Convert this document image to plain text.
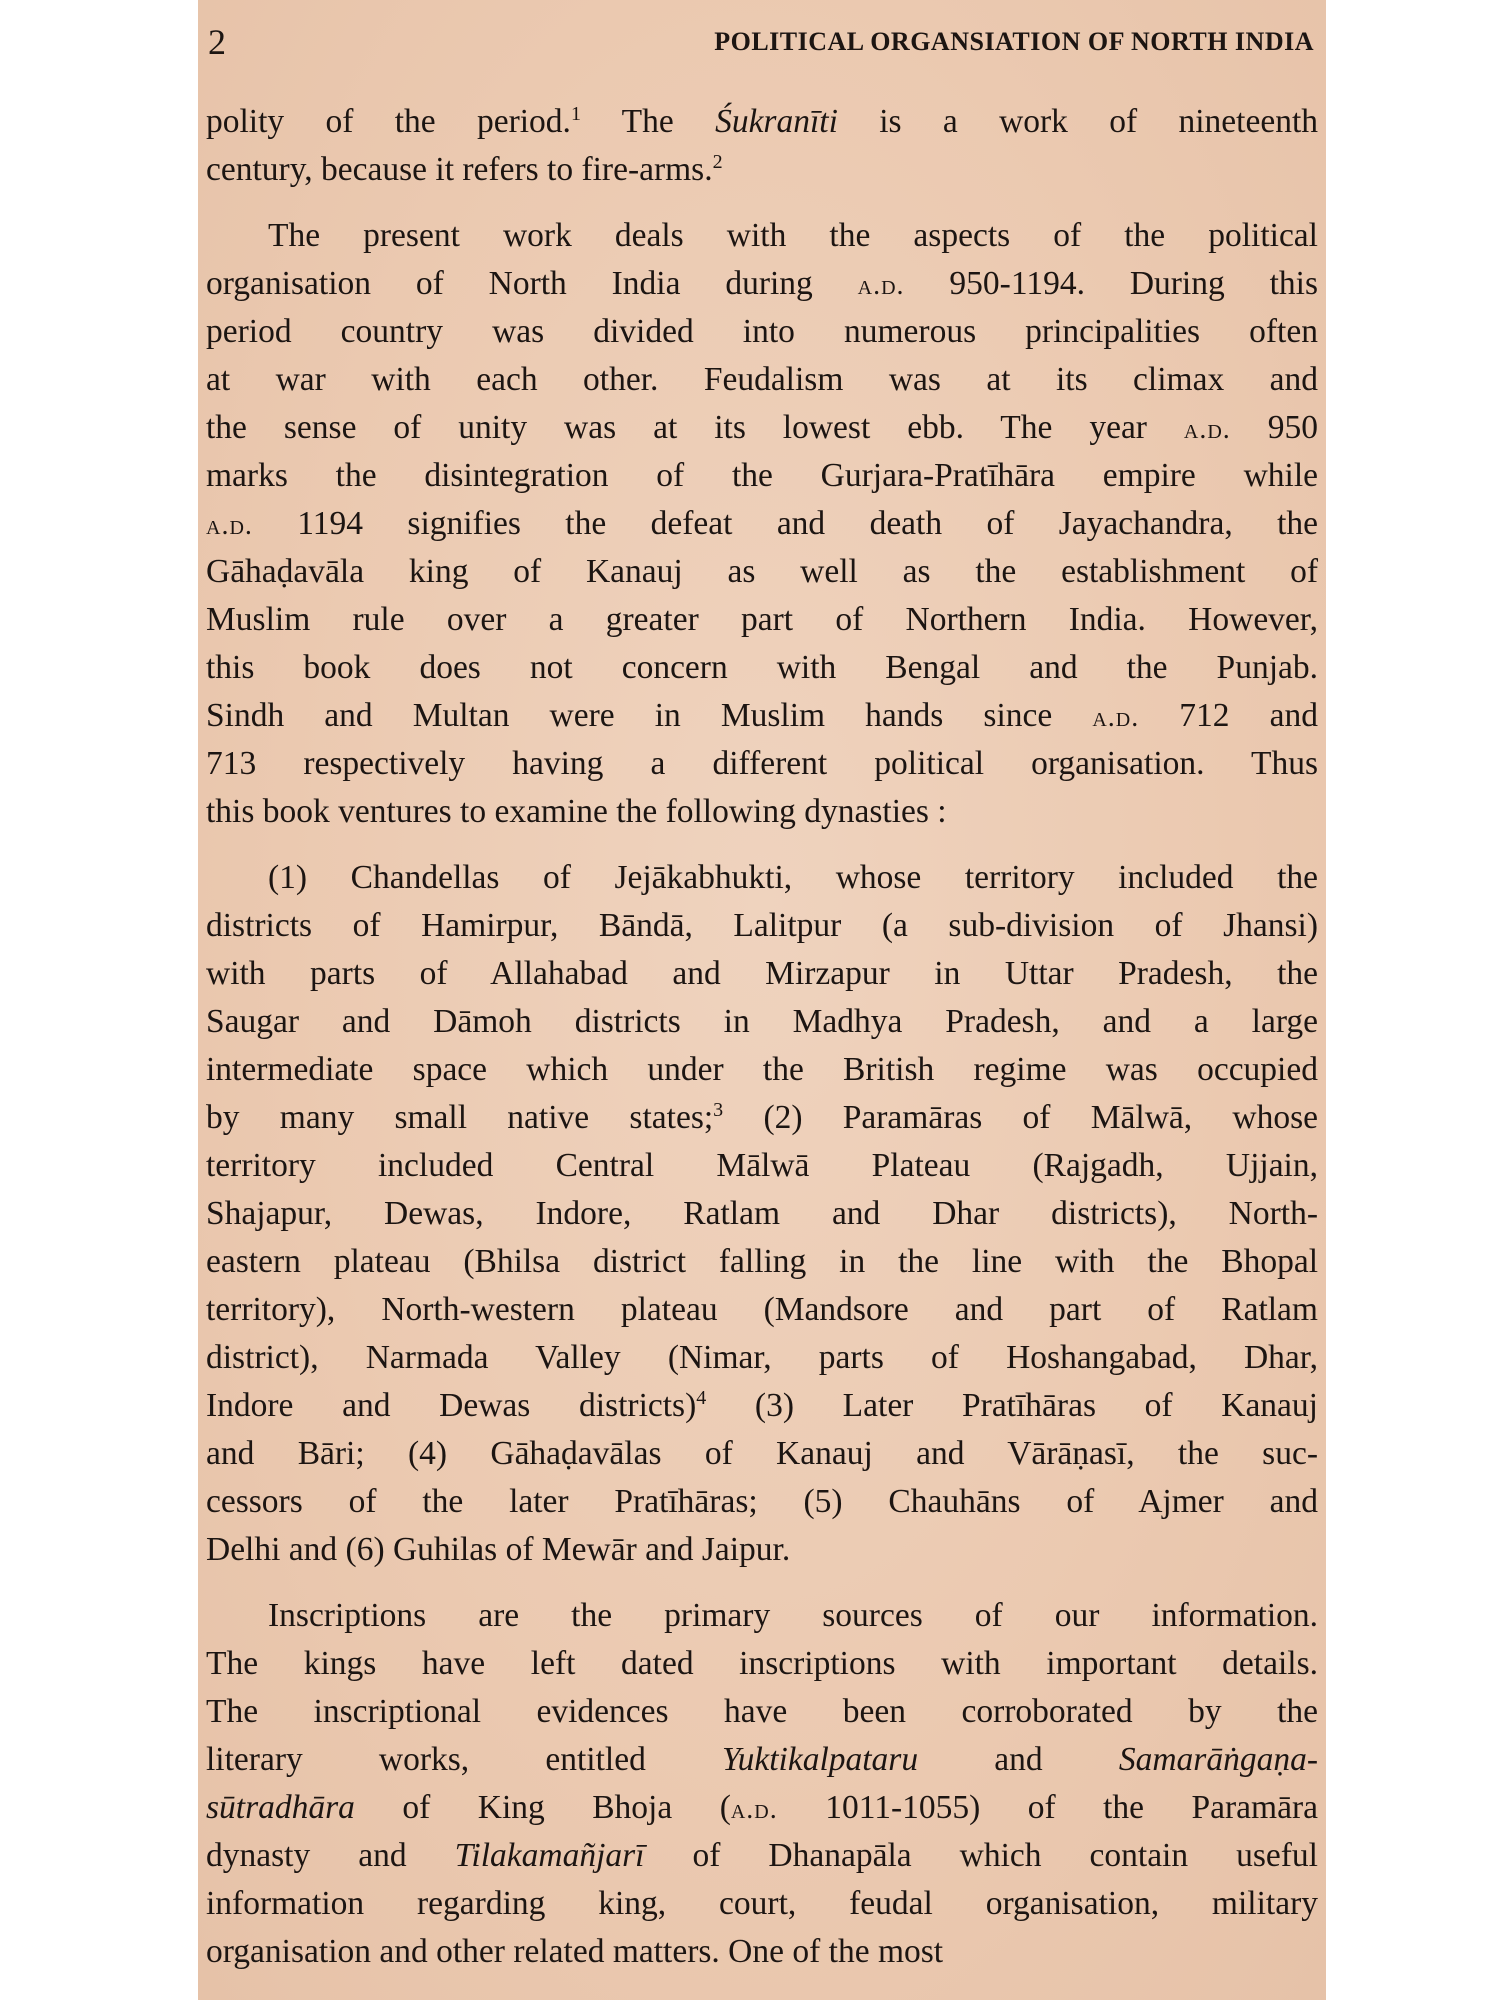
2	POLITICAL ORGANSIATION OF NORTH INDIA
polity of the period.$^1$ The Śukranīti is a work of nineteenth
century, because it refers to fire-arms.$^2$
The present work deals with the aspects of the political
organisation of North India during a.d. 950-1194. During this
period country was divided into numerous principalities often
at war with each other. Feudalism was at its climax and
the sense of unity was at its lowest ebb. The year a.d. 950
marks the disintegration of the Gurjara-Pratīhāra empire while
a.d. 1194 signifies the defeat and death of Jayachandra, the
Gāhaḍavāla king of Kanauj as well as the establishment of
Muslim rule over a greater part of Northern India. However,
this book does not concern with Bengal and the Punjab.
Sindh and Multan were in Muslim hands since a.d. 712 and
713 respectively having a different political organisation. Thus
this book ventures to examine the following dynasties :
(1) Chandellas of Jejākabhukti, whose territory included the
districts of Hamirpur, Bāndā, Lalitpur (a sub-division of Jhansi)
with parts of Allahabad and Mirzapur in Uttar Pradesh, the
Saugar and Dāmoh districts in Madhya Pradesh, and a large
intermediate space which under the British regime was occupied
by many small native states;$^3$ (2) Paramāras of Mālwā, whose
territory included Central Mālwā Plateau (Rajgadh, Ujjain,
Shajapur, Dewas, Indore, Ratlam and Dhar districts), North-
eastern plateau (Bhilsa district falling in the line with the Bhopal
territory), North-western plateau (Mandsore and part of Ratlam
district), Narmada Valley (Nimar, parts of Hoshangabad, Dhar,
Indore and Dewas districts)$^4$ (3) Later Pratīhāras of Kanauj
and Bāri; (4) Gāhaḍavālas of Kanauj and Vārāṇasī, the suc-
cessors of the later Pratīhāras; (5) Chauhāns of Ajmer and
Delhi and (6) Guhilas of Mewār and Jaipur.
Inscriptions are the primary sources of our information.
The kings have left dated inscriptions with important details.
The inscriptional evidences have been corroborated by the
literary works, entitled Yuktikalpataru and Samarāṅgaṇa-
sūtradhāra of King Bhoja (a.d. 1011-1055) of the Paramāra
dynasty and Tilakamañjarī of Dhanapāla which contain useful
information regarding king, court, feudal organisation, military
organisation and other related matters. One of the most
